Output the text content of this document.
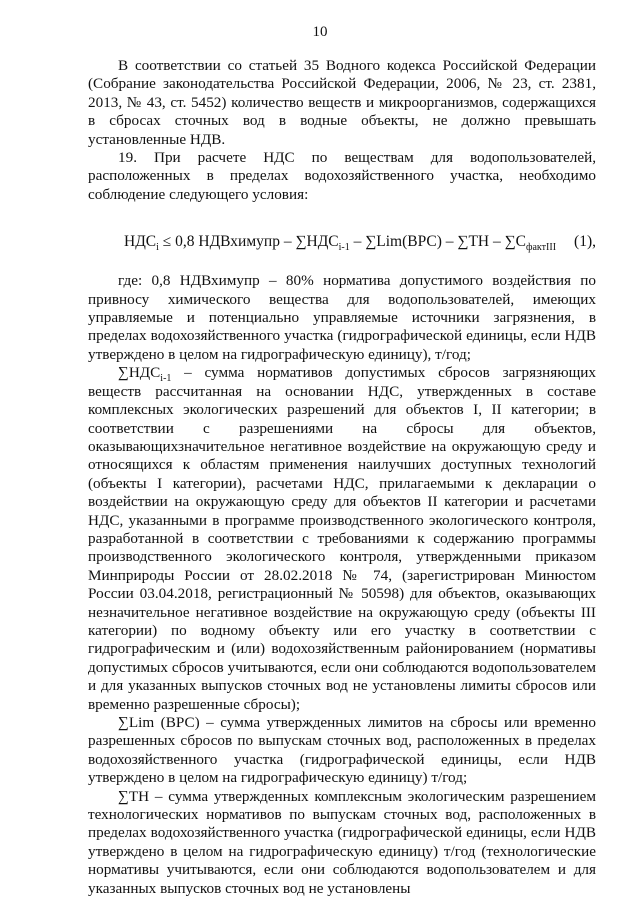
10

В соответствии со статьей 35 Водного кодекса Российской Федерации (Собрание законодательства Российской Федерации, 2006, № 23, ст. 2381, 2013, № 43, ст. 5452) количество веществ и микроорганизмов, содержащихся в сбросах сточных вод в водные объекты, не должно превышать установленные НДВ.

19. При расчете НДС по веществам для водопользователей, расположенных в пределах водохозяйственного участка, необходимо соблюдение следующего условия:

$НДС_i \le 0,8$ НДВхимупр – $\sum НДС_{i-1} - \sum Lim(ВРС) - \sum ТН - \sum С_{фактIII}$ (1),

где: 0,8 НДВхимупр – 80% норматива допустимого воздействия по привносу химического вещества для водопользователей, имеющих управляемые и потенциально управляемые источники загрязнения, в пределах водохозяйственного участка (гидрографической единицы, если НДВ утверждено в целом на гидрографическую единицу), т/год;

$\sum НДС_{i-1}$ – сумма нормативов допустимых сбросов загрязняющих веществ рассчитанная на основании НДС, утвержденных в составе комплексных экологических разрешений для объектов I, II категории; в соответствии с разрешениями на сбросы для объектов, оказывающихзначительное негативное воздействие на окружающую среду и относящихся к областям применения наилучших доступных технологий (объекты I категории), расчетами НДС, прилагаемыми к декларации о воздействии на окружающую среду для объектов II категории и расчетами НДС, указанными в программе производственного экологического контроля, разработанной в соответствии с требованиями к содержанию программы производственного экологического контроля, утвержденными приказом Минприроды России от 28.02.2018 № 74, (зарегистрирован Минюстом России 03.04.2018, регистрационный № 50598) для объектов, оказывающих незначительное негативное воздействие на окружающую среду (объекты III категории) по водному объекту или его участку в соответствии с гидрографическим и (или) водохозяйственным районированием (нормативы допустимых сбросов учитываются, если они соблюдаются водопользователем и для указанных выпусков сточных вод не установлены лимиты сбросов или временно разрешенные сбросы);

∑Lim (ВРС) – сумма утвержденных лимитов на сбросы или временно разрешенных сбросов по выпускам сточных вод, расположенных в пределах водохозяйственного участка (гидрографической единицы, если НДВ утверждено в целом на гидрографическую единицу) т/год;

∑ТН – сумма утвержденных комплексным экологическим разрешением технологических нормативов по выпускам сточных вод, расположенных в пределах водохозяйственного участка (гидрографической единицы, если НДВ утверждено в целом на гидрографическую единицу) т/год (технологические нормативы учитываются, если они соблюдаются водопользователем и для указанных выпусков сточных вод не установлены
